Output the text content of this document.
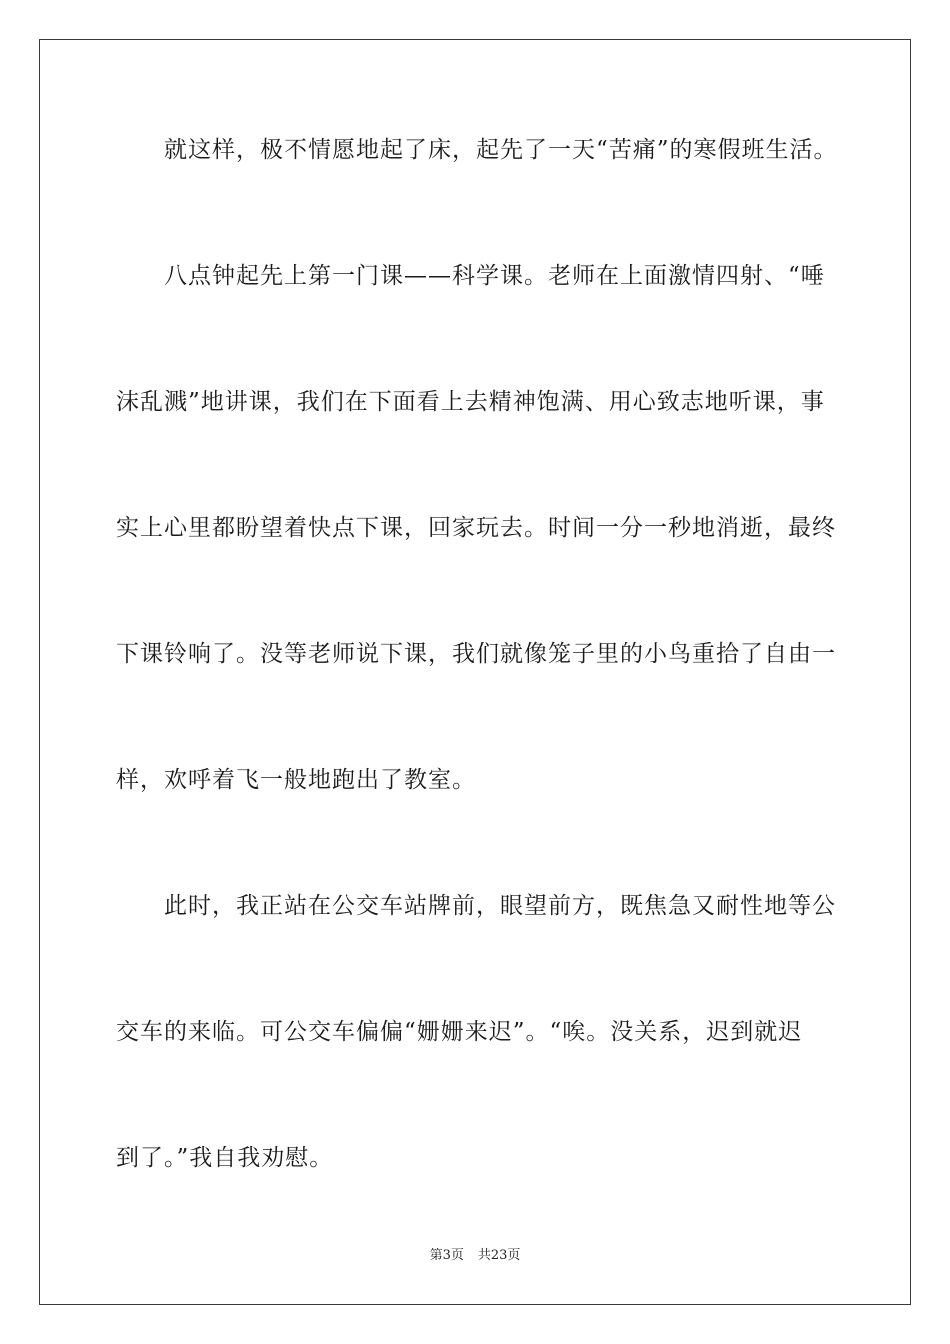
就这样，极不情愿地起了床，起先了一天“苦痛”的寒假班生活。
八点钟起先上第一门课——科学课。老师在上面激情四射、“唾
沫乱溅”地讲课，我们在下面看上去精神饱满、用心致志地听课，事
实上心里都盼望着快点下课，回家玩去。时间一分一秒地消逝，最终
下课铃响了。没等老师说下课，我们就像笼子里的小鸟重拾了自由一
样，欢呼着飞一般地跑出了教室。
此时，我正站在公交车站牌前，眼望前方，既焦急又耐性地等公
交车的来临。可公交车偏偏“姗姗来迟”。“唉。没关系，迟到就迟
到了。”我自我劝慰。
第3页 共23页
